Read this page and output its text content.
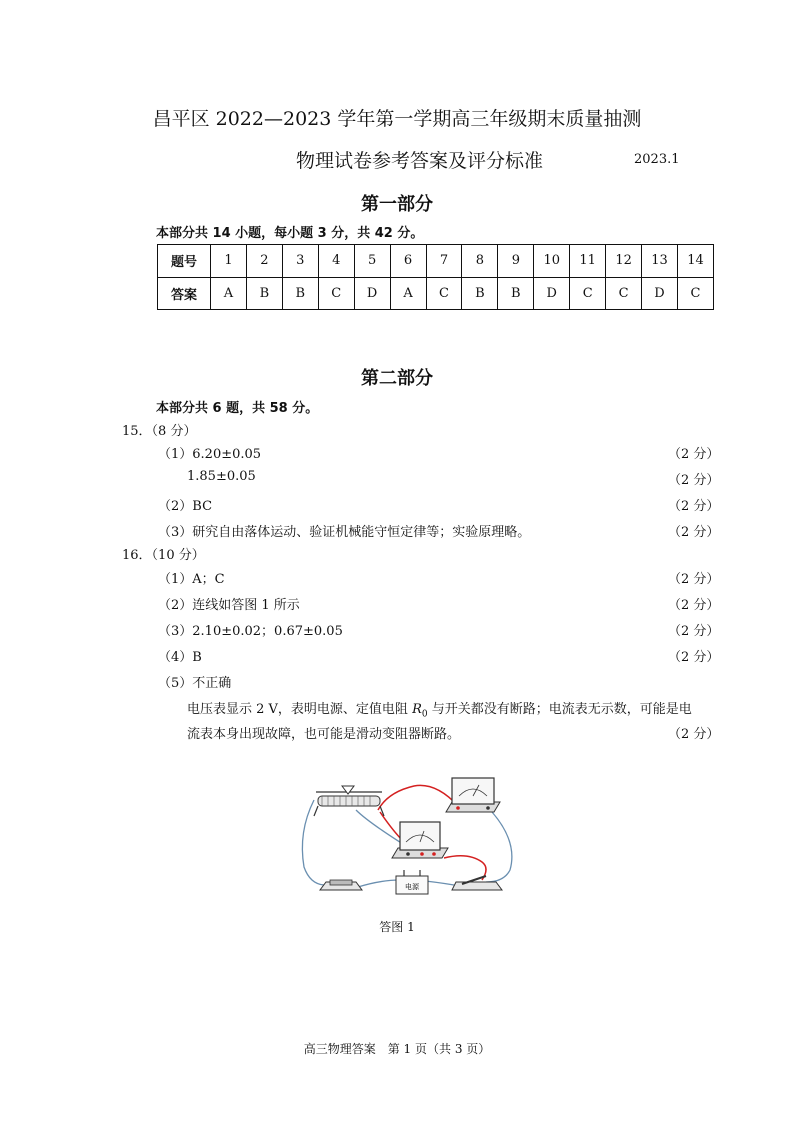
昌平区 2022—2023 学年第一学期高三年级期末质量抽测
物理试卷参考答案及评分标准	2023.1
第一部分
本部分共 14 小题，每小题 3 分，共 42 分。
题号	1	2	3	4	5	6	7	8	9	10	11	12	13	14
答案	A	B	B	C	D	A	C	B	B	D	C	C	D	C
第二部分
本部分共 6 题，共 58 分。
15．（8 分）
（1）6.20±0.05	（2 分）
1.85±0.05	（2 分）
（2）BC	（2 分）
（3）研究自由落体运动、验证机械能守恒定律等；实验原理略。	（2 分）
16．（10 分）
（1）A；C	（2 分）
（2）连线如答图 1 所示	（2 分）
（3）2.10±0.02；0.67±0.05	（2 分）
（4）B	（2 分）
（5）不正确
电压表显示 2 V，表明电源、定值电阻 $R_0$ 与开关都没有断路；电流表无示数，可能是电
流表本身出现故障，也可能是滑动变阻器断路。	（2 分）
电源
答图 1
高三物理答案　第 1 页（共 3 页）
